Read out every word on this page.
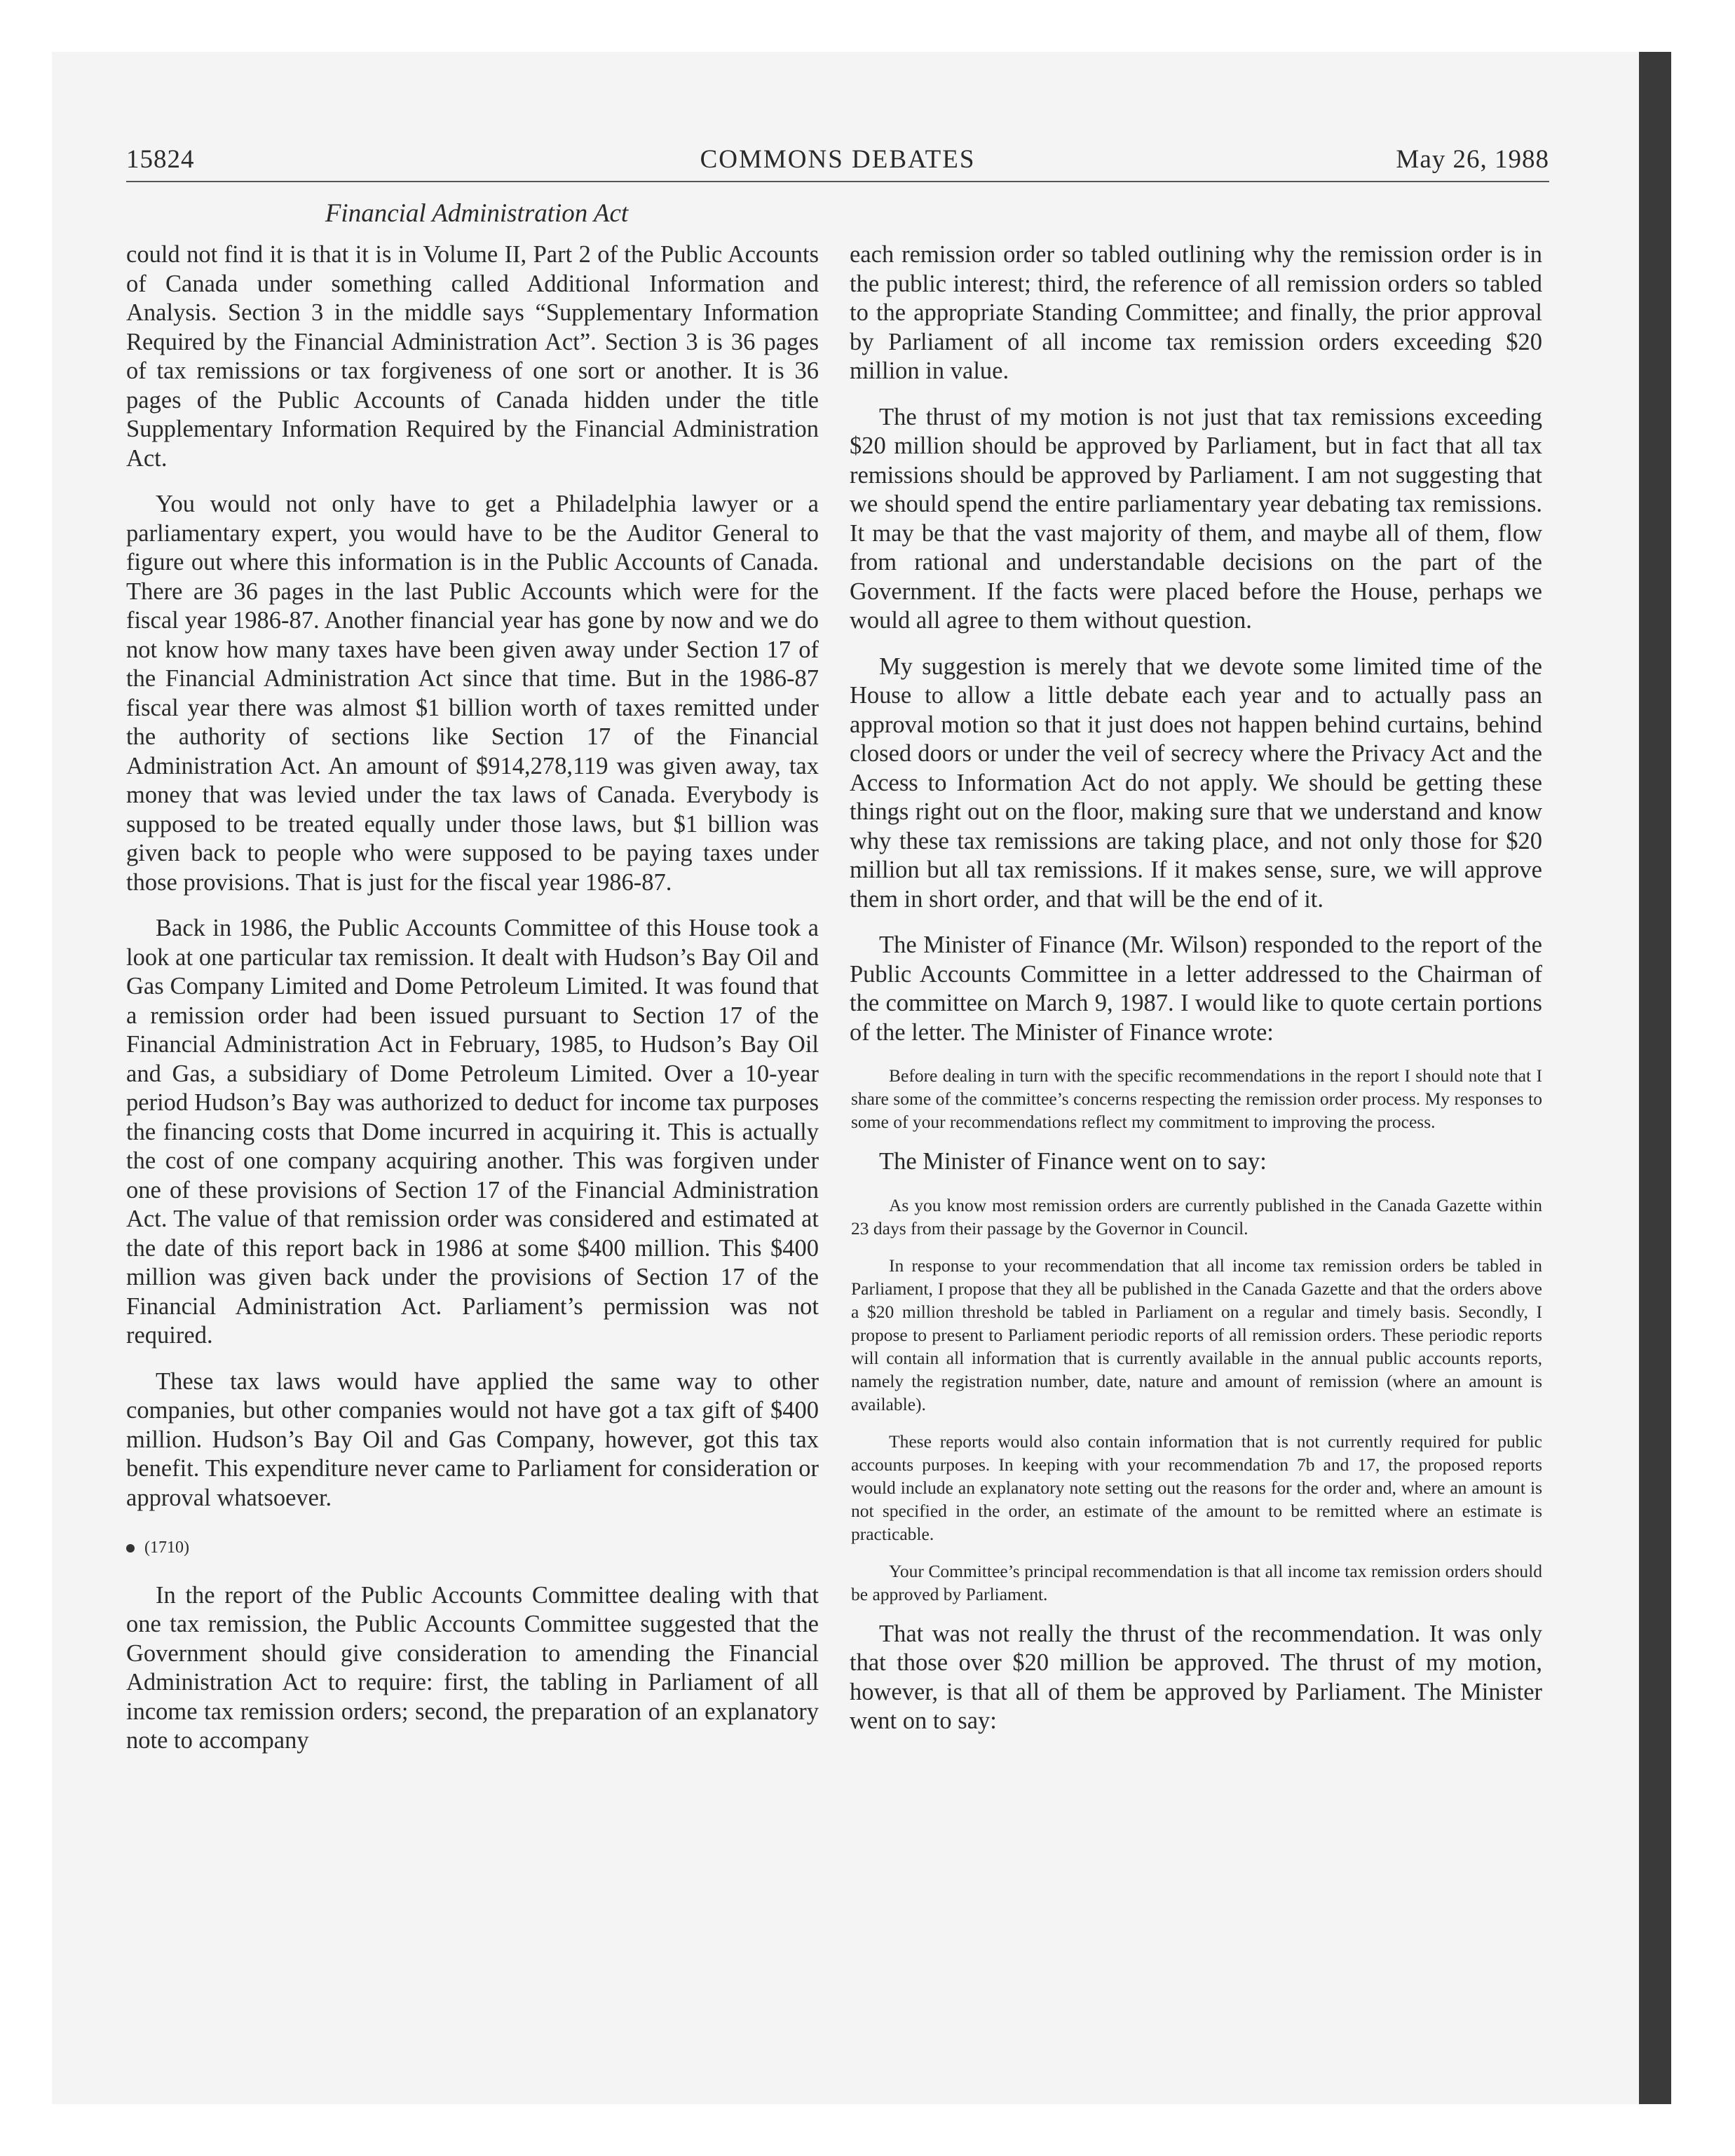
15824	COMMONS DEBATES	May 26, 1988
Financial Administration Act

could not find it is that it is in Volume II, Part 2 of the Public Accounts of Canada under something called Additional Information and Analysis. Section 3 in the middle says “Supplementary Information Required by the Financial Administration Act”. Section 3 is 36 pages of tax remissions or tax forgiveness of one sort or another. It is 36 pages of the Public Accounts of Canada hidden under the title Supplementary Information Required by the Financial Administration Act.

You would not only have to get a Philadelphia lawyer or a parliamentary expert, you would have to be the Auditor General to figure out where this information is in the Public Accounts of Canada. There are 36 pages in the last Public Accounts which were for the fiscal year 1986-87. Another financial year has gone by now and we do not know how many taxes have been given away under Section 17 of the Financial Administration Act since that time. But in the 1986-87 fiscal year there was almost $1 billion worth of taxes remitted under the authority of sections like Section 17 of the Financial Administration Act. An amount of $914,278,119 was given away, tax money that was levied under the tax laws of Canada. Everybody is supposed to be treated equally under those laws, but $1 billion was given back to people who were supposed to be paying taxes under those provisions. That is just for the fiscal year 1986-87.

Back in 1986, the Public Accounts Committee of this House took a look at one particular tax remission. It dealt with Hudson’s Bay Oil and Gas Company Limited and Dome Petroleum Limited. It was found that a remission order had been issued pursuant to Section 17 of the Financial Administration Act in February, 1985, to Hudson’s Bay Oil and Gas, a subsidiary of Dome Petroleum Limited. Over a 10-year period Hudson’s Bay was authorized to deduct for income tax purposes the financing costs that Dome incurred in acquiring it. This is actually the cost of one company acquiring another. This was forgiven under one of these provisions of Section 17 of the Financial Administration Act. The value of that remission order was considered and estimated at the date of this report back in 1986 at some $400 million. This $400 million was given back under the provisions of Section 17 of the Financial Administration Act. Parliament’s permission was not required.

These tax laws would have applied the same way to other companies, but other companies would not have got a tax gift of $400 million. Hudson’s Bay Oil and Gas Company, however, got this tax benefit. This expenditure never came to Parliament for consideration or approval whatsoever.

(1710)

In the report of the Public Accounts Committee dealing with that one tax remission, the Public Accounts Committee suggested that the Government should give consideration to amending the Financial Administration Act to require: first, the tabling in Parliament of all income tax remission orders; second, the preparation of an explanatory note to accompany

each remission order so tabled outlining why the remission order is in the public interest; third, the reference of all remission orders so tabled to the appropriate Standing Committee; and finally, the prior approval by Parliament of all income tax remission orders exceeding $20 million in value.

The thrust of my motion is not just that tax remissions exceeding $20 million should be approved by Parliament, but in fact that all tax remissions should be approved by Parliament. I am not suggesting that we should spend the entire parliamentary year debating tax remissions. It may be that the vast majority of them, and maybe all of them, flow from rational and understandable decisions on the part of the Government. If the facts were placed before the House, perhaps we would all agree to them without question.

My suggestion is merely that we devote some limited time of the House to allow a little debate each year and to actually pass an approval motion so that it just does not happen behind curtains, behind closed doors or under the veil of secrecy where the Privacy Act and the Access to Information Act do not apply. We should be getting these things right out on the floor, making sure that we understand and know why these tax remissions are taking place, and not only those for $20 million but all tax remissions. If it makes sense, sure, we will approve them in short order, and that will be the end of it.

The Minister of Finance (Mr. Wilson) responded to the report of the Public Accounts Committee in a letter addressed to the Chairman of the committee on March 9, 1987. I would like to quote certain portions of the letter. The Minister of Finance wrote:

Before dealing in turn with the specific recommendations in the report I should note that I share some of the committee’s concerns respecting the remission order process. My responses to some of your recommendations reflect my commitment to improving the process.

The Minister of Finance went on to say:

As you know most remission orders are currently published in the Canada Gazette within 23 days from their passage by the Governor in Council.
In response to your recommendation that all income tax remission orders be tabled in Parliament, I propose that they all be published in the Canada Gazette and that the orders above a $20 million threshold be tabled in Parliament on a regular and timely basis. Secondly, I propose to present to Parliament periodic reports of all remission orders. These periodic reports will contain all information that is currently available in the annual public accounts reports, namely the registration number, date, nature and amount of remission (where an amount is available).
These reports would also contain information that is not currently required for public accounts purposes. In keeping with your recommendation 7b and 17, the proposed reports would include an explanatory note setting out the reasons for the order and, where an amount is not specified in the order, an estimate of the amount to be remitted where an estimate is practicable.
Your Committee’s principal recommendation is that all income tax remission orders should be approved by Parliament.

That was not really the thrust of the recommendation. It was only that those over $20 million be approved. The thrust of my motion, however, is that all of them be approved by Parliament. The Minister went on to say:
